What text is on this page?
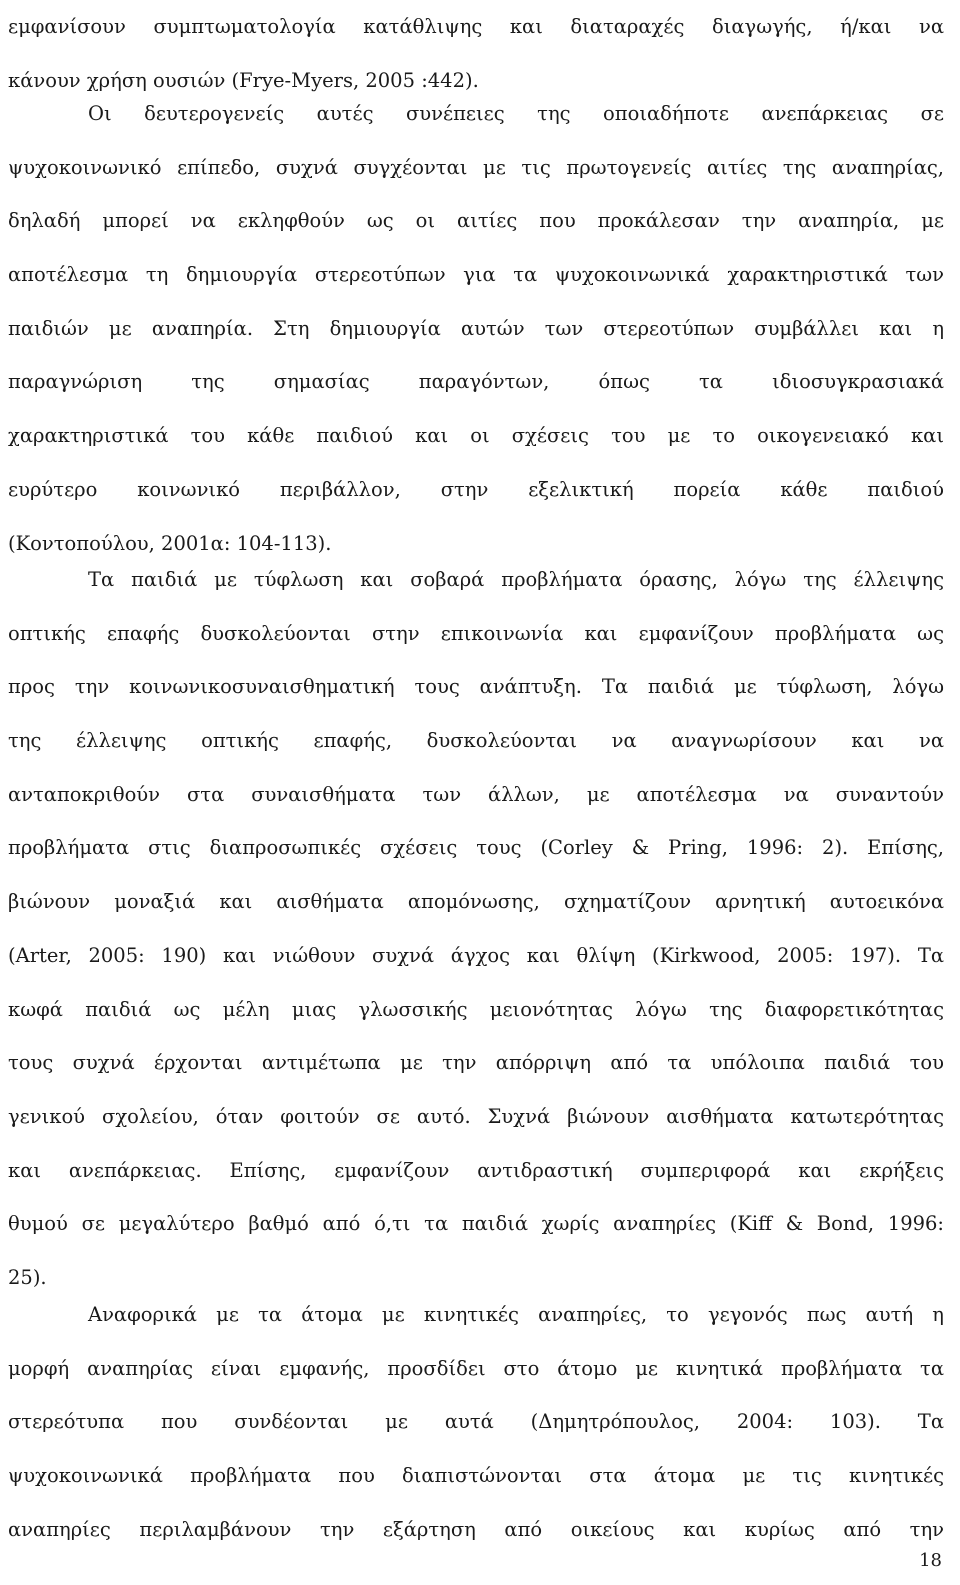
εμφανίσουν συμπτωματολογία κατάθλιψης και διαταραχές διαγωγής, ή/και να
κάνουν χρήση ουσιών (Frye-Myers, 2005 :442).
Οι δευτερογενείς αυτές συνέπειες της οποιαδήποτε ανεπάρκειας σε
ψυχοκοινωνικό επίπεδο, συχνά συγχέονται με τις πρωτογενείς αιτίες της αναπηρίας,
δηλαδή μπορεί να εκληφθούν ως οι αιτίες που προκάλεσαν την αναπηρία, με
αποτέλεσμα τη δημιουργία στερεοτύπων για τα ψυχοκοινωνικά χαρακτηριστικά των
παιδιών με αναπηρία. Στη δημιουργία αυτών των στερεοτύπων συμβάλλει και η
παραγνώριση της σημασίας παραγόντων, όπως τα ιδιοσυγκρασιακά
χαρακτηριστικά του κάθε παιδιού και οι σχέσεις του με το οικογενειακό και
ευρύτερο κοινωνικό περιβάλλον, στην εξελικτική πορεία κάθε παιδιού
(Κοντοπούλου, 2001α: 104-113).
Τα παιδιά με τύφλωση και σοβαρά προβλήματα όρασης, λόγω της έλλειψης
οπτικής επαφής δυσκολεύονται στην επικοινωνία και εμφανίζουν προβλήματα ως
προς την κοινωνικοσυναισθηματική τους ανάπτυξη. Τα παιδιά με τύφλωση, λόγω
της έλλειψης οπτικής επαφής, δυσκολεύονται να αναγνωρίσουν και να
ανταποκριθούν στα συναισθήματα των άλλων, με αποτέλεσμα να συναντούν
προβλήματα στις διαπροσωπικές σχέσεις τους (Corley & Pring, 1996: 2). Επίσης,
βιώνουν μοναξιά και αισθήματα απομόνωσης, σχηματίζουν αρνητική αυτοεικόνα
(Arter, 2005: 190) και νιώθουν συχνά άγχος και θλίψη (Kirkwood, 2005: 197). Τα
κωφά παιδιά ως μέλη μιας γλωσσικής μειονότητας λόγω της διαφορετικότητας
τους συχνά έρχονται αντιμέτωπα με την απόρριψη από τα υπόλοιπα παιδιά του
γενικού σχολείου, όταν φοιτούν σε αυτό. Συχνά βιώνουν αισθήματα κατωτερότητας
και ανεπάρκειας. Επίσης, εμφανίζουν αντιδραστική συμπεριφορά και εκρήξεις
θυμού σε μεγαλύτερο βαθμό από ό,τι τα παιδιά χωρίς αναπηρίες (Kiff & Bond, 1996:
25).
Αναφορικά με τα άτομα με κινητικές αναπηρίες, το γεγονός πως αυτή η
μορφή αναπηρίας είναι εμφανής, προσδίδει στο άτομο με κινητικά προβλήματα τα
στερεότυπα που συνδέονται με αυτά (Δημητρόπουλος, 2004: 103). Τα
ψυχοκοινωνικά προβλήματα που διαπιστώνονται στα άτομα με τις κινητικές
αναπηρίες περιλαμβάνουν την εξάρτηση από οικείους και κυρίως από την
18
